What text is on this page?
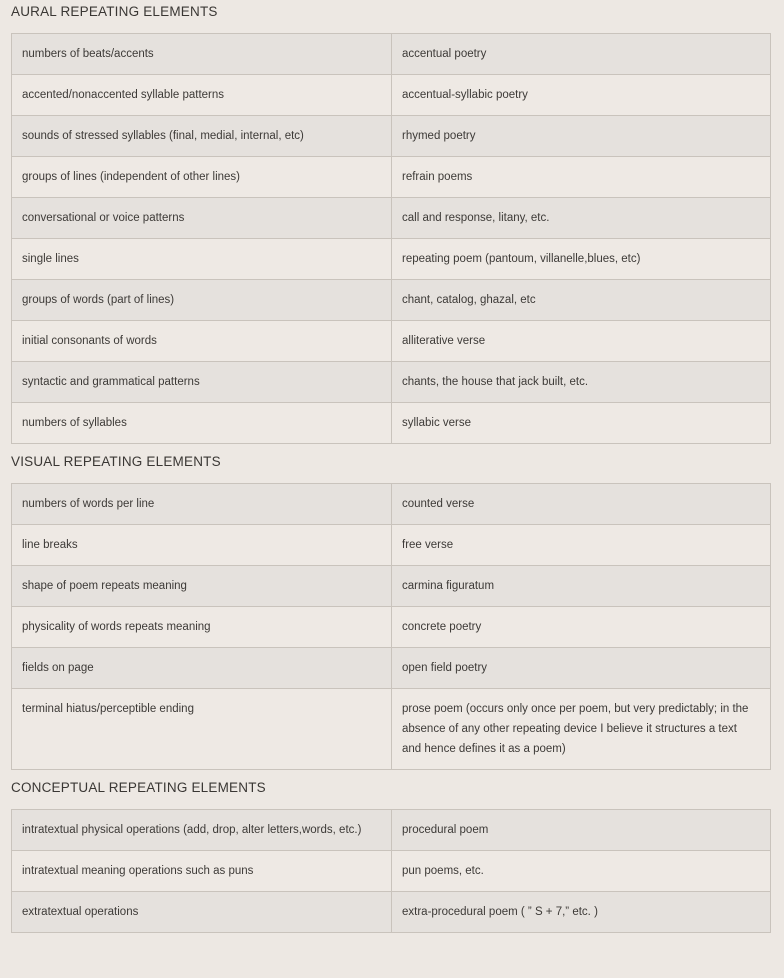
AURAL REPEATING ELEMENTS
numbers of beats/accents	accentual poetry
accented/nonaccented syllable patterns	accentual-syllabic poetry
sounds of stressed syllables (final, medial, internal, etc)	rhymed poetry
groups of lines (independent of other lines)	refrain poems
conversational or voice patterns	call and response, litany, etc.
single lines	repeating poem (pantoum, villanelle,blues, etc)
groups of words (part of lines)	chant, catalog, ghazal, etc
initial consonants of words	alliterative verse
syntactic and grammatical patterns	chants, the house that jack built, etc.
numbers of syllables	syllabic verse
VISUAL REPEATING ELEMENTS
numbers of words per line	counted verse
line breaks	free verse
shape of poem repeats meaning	carmina figuratum
physicality of words repeats meaning	concrete poetry
fields on page	open field poetry
terminal hiatus/perceptible ending	prose poem (occurs only once per poem, but very predictably; in the absence of any other repeating device I believe it structures a text
and hence defines it as a poem)
CONCEPTUAL REPEATING ELEMENTS
intratextual physical operations (add, drop, alter letters,words, etc.)	procedural poem
intratextual meaning operations such as puns	pun poems, etc.
extratextual operations	extra-procedural poem ( ” S + 7,” etc. )
